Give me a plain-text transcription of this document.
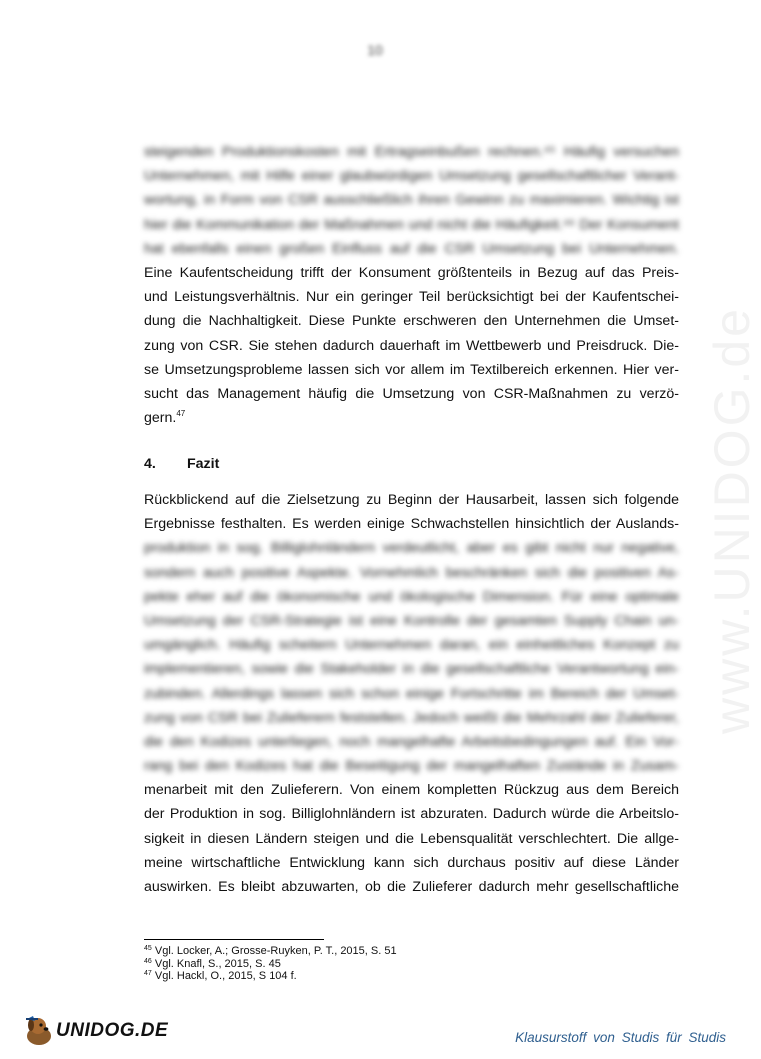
10
www.UNIDOG.de
steigenden Produktionskosten mit Ertragseinbußen rechnen.⁴⁵ Häufig versuchen
Unternehmen, mit Hilfe einer glaubwürdigen Umsetzung gesellschaftlicher Verant-
wortung, in Form von CSR ausschließlich ihren Gewinn zu maximieren. Wichtig ist
hier die Kommunikation der Maßnahmen und nicht die Häufigkeit.⁴⁶ Der Konsument
hat ebenfalls einen großen Einfluss auf die CSR Umsetzung bei Unternehmen.
Eine Kaufentscheidung trifft der Konsument größtenteils in Bezug auf das Preis-
und Leistungsverhältnis. Nur ein geringer Teil berücksichtigt bei der Kaufentschei-
dung die Nachhaltigkeit. Diese Punkte erschweren den Unternehmen die Umset-
zung von CSR. Sie stehen dadurch dauerhaft im Wettbewerb und Preisdruck. Die-
se Umsetzungsprobleme lassen sich vor allem im Textilbereich erkennen. Hier ver-
sucht das Management häufig die Umsetzung von CSR-Maßnahmen zu verzö-
gern.$^{47}$
4. Fazit
Rückblickend auf die Zielsetzung zu Beginn der Hausarbeit, lassen sich folgende
Ergebnisse festhalten. Es werden einige Schwachstellen hinsichtlich der Auslands-
produktion in sog. Billiglohnländern verdeutlicht, aber es gibt nicht nur negative,
sondern auch positive Aspekte. Vornehmlich beschränken sich die positiven As-
pekte eher auf die ökonomische und ökologische Dimension. Für eine optimale
Umsetzung der CSR-Strategie ist eine Kontrolle der gesamten Supply Chain un-
umgänglich. Häufig scheitern Unternehmen daran, ein einheitliches Konzept zu
implementieren, sowie die Stakeholder in die gesellschaftliche Verantwortung ein-
zubinden. Allerdings lassen sich schon einige Fortschritte im Bereich der Umset-
zung von CSR bei Zulieferern feststellen. Jedoch weißt die Mehrzahl der Zulieferer,
die den Kodizes unterliegen, noch mangelhafte Arbeitsbedingungen auf. Ein Vor-
rang bei den Kodizes hat die Beseitigung der mangelhaften Zustände in Zusam-
menarbeit mit den Zulieferern. Von einem kompletten Rückzug aus dem Bereich
der Produktion in sog. Billiglohnländern ist abzuraten. Dadurch würde die Arbeitslo-
sigkeit in diesen Ländern steigen und die Lebensqualität verschlechtert. Die allge-
meine wirtschaftliche Entwicklung kann sich durchaus positiv auf diese Länder
auswirken. Es bleibt abzuwarten, ob die Zulieferer dadurch mehr gesellschaftliche
$^{45}$ Vgl. Locker, A.; Grosse-Ruyken, P. T., 2015, S. 51
$^{46}$ Vgl. Knafl, S., 2015, S. 45
$^{47}$ Vgl. Hackl, O., 2015, S 104 f.
UNIDOG.DE	Klausurstoff von Studis für Studis
